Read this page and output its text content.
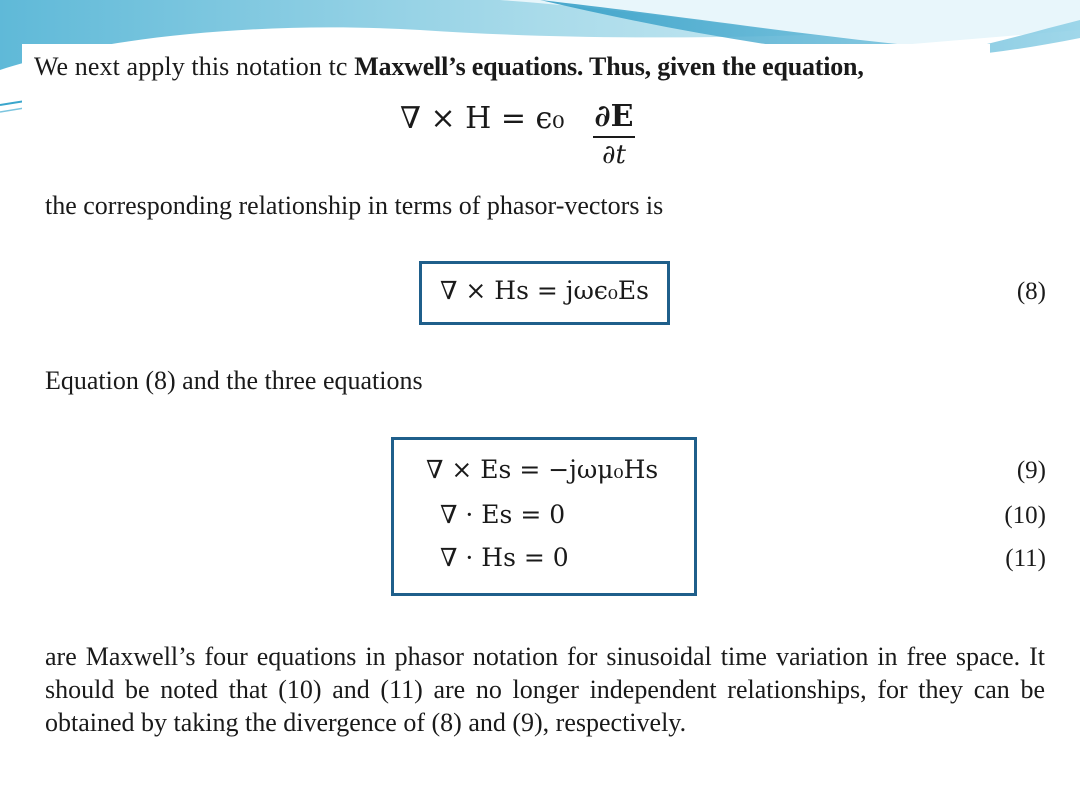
We next apply this notation tc Maxwell’s equations. Thus, given the equation,
∇ × H = ϵ₀ ∂E
∂t
the corresponding relationship in terms of phasor-vectors is
∇ × Hs = jωϵ₀Es	(8)
Equation (8) and the three equations
∇ × Es = −jωμ₀Hs	(9)
∇ · Es = 0	(10)
∇ · Hs = 0	(11)
are Maxwell’s four equations in phasor notation for sinusoidal time variation in free space. It should be noted that (10) and (11) are no longer independent relationships, for they can be obtained by taking the divergence of (8) and (9), respectively.
